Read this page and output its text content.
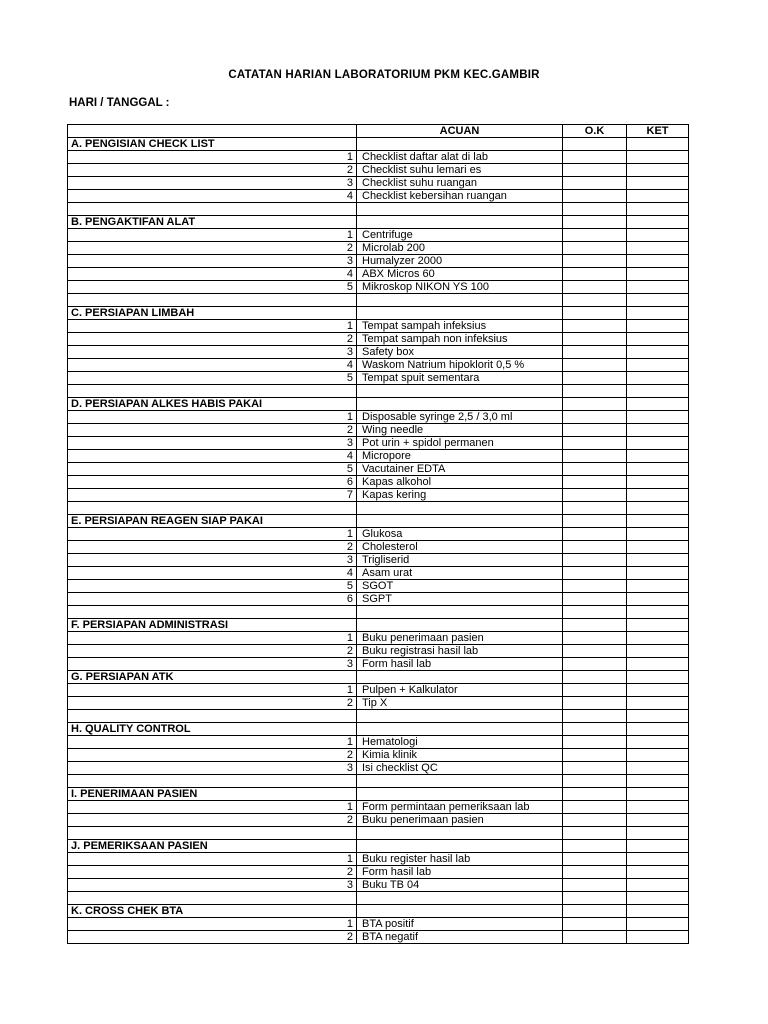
CATATAN HARIAN LABORATORIUM PKM KEC.GAMBIR
HARI / TANGGAL :
	ACUAN	O.K	KET
A. PENGISIAN CHECK LIST			
1	Checklist daftar alat di lab		
2	Checklist suhu lemari es		
3	Checklist suhu ruangan		
4	Checklist kebersihan ruangan		

B. PENGAKTIFAN ALAT			
1	Centrifuge		
2	Microlab 200		
3	Humalyzer 2000		
4	ABX Micros 60		
5	Mikroskop NIKON YS 100		

C. PERSIAPAN LIMBAH			
1	Tempat sampah infeksius		
2	Tempat sampah non infeksius		
3	Safety box		
4	Waskom Natrium hipoklorit 0,5 %		
5	Tempat spuit sementara		

D. PERSIAPAN ALKES HABIS PAKAI			
1	Disposable syringe 2,5 / 3,0 ml		
2	Wing needle		
3	Pot urin + spidol permanen		
4	Micropore		
5	Vacutainer EDTA		
6	Kapas alkohol		
7	Kapas kering		

E. PERSIAPAN REAGEN SIAP PAKAI			
1	Glukosa		
2	Cholesterol		
3	Trigliserid		
4	Asam urat		
5	SGOT		
6	SGPT		

F. PERSIAPAN ADMINISTRASI			
1	Buku penerimaan pasien		
2	Buku registrasi hasil lab		
3	Form hasil lab		
G. PERSIAPAN ATK			
1	Pulpen + Kalkulator		
2	Tip X		

H. QUALITY CONTROL			
1	Hematologi		
2	Kimia klinik		
3	Isi checklist QC		

I. PENERIMAAN PASIEN			
1	Form permintaan pemeriksaan lab		
2	Buku penerimaan pasien		

J. PEMERIKSAAN PASIEN			
1	Buku register hasil lab		
2	Form hasil lab		
3	Buku TB 04		

K. CROSS CHEK BTA			
1	BTA positif		
2	BTA negatif		
